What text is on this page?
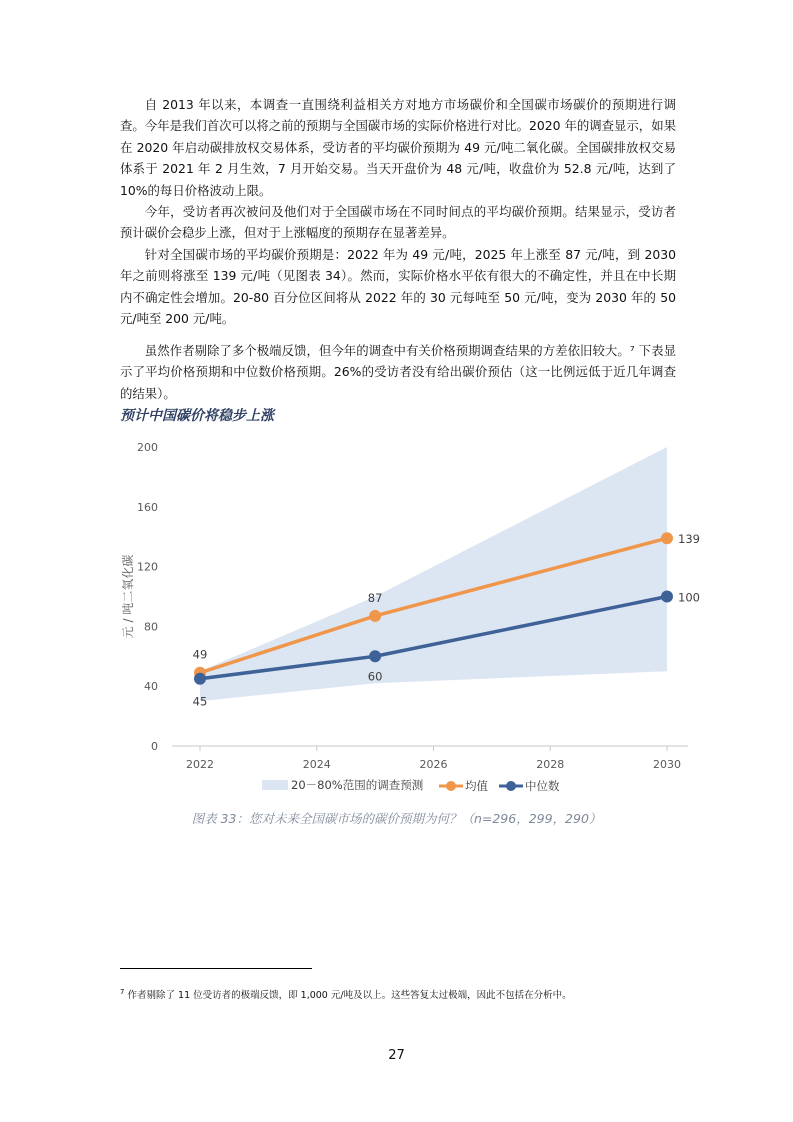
自 2013 年以来，本调查一直围绕利益相关方对地方市场碳价和全国碳市场碳价的预期进行调查。今年是我们首次可以将之前的预期与全国碳市场的实际价格进行对比。2020 年的调查显示，如果在 2020 年启动碳排放权交易体系，受访者的平均碳价预期为 49 元/吨二氧化碳。全国碳排放权交易体系于 2021 年 2 月生效，7 月开始交易。当天开盘价为 48 元/吨，收盘价为 52.8 元/吨，达到了 10%的每日价格波动上限。

今年，受访者再次被问及他们对于全国碳市场在不同时间点的平均碳价预期。结果显示，受访者预计碳价会稳步上涨，但对于上涨幅度的预期存在显著差异。

针对全国碳市场的平均碳价预期是：2022 年为 49 元/吨，2025 年上涨至 87 元/吨，到 2030 年之前则将涨至 139 元/吨（见图表 34）。然而，实际价格水平依有很大的不确定性，并且在中长期内不确定性会增加。20-80 百分位区间将从 2022 年的 30 元每吨至 50 元/吨，变为 2030 年的 50 元/吨至 200 元/吨。

虽然作者剔除了多个极端反馈，但今年的调查中有关价格预期调查结果的方差依旧较大。⁷ 下表显示了平均价格预期和中位数价格预期。26%的受访者没有给出碳价预估（这一比例远低于近几年调查的结果）。

预计中国碳价将稳步上涨

2022	2024	2026	2028	2030
0
40
80
120
160
200
元 / 吨二氧化碳
49
87
139
45
60
100
20－80%范围的调查预测	均值	中位数

图表 33：您对未来全国碳市场的碳价预期为何？（n=296，299，290）

$^7$ 作者剔除了 11 位受访者的极端反馈，即 1,000 元/吨及以上。这些答复太过极端，因此不包括在分析中。

27
